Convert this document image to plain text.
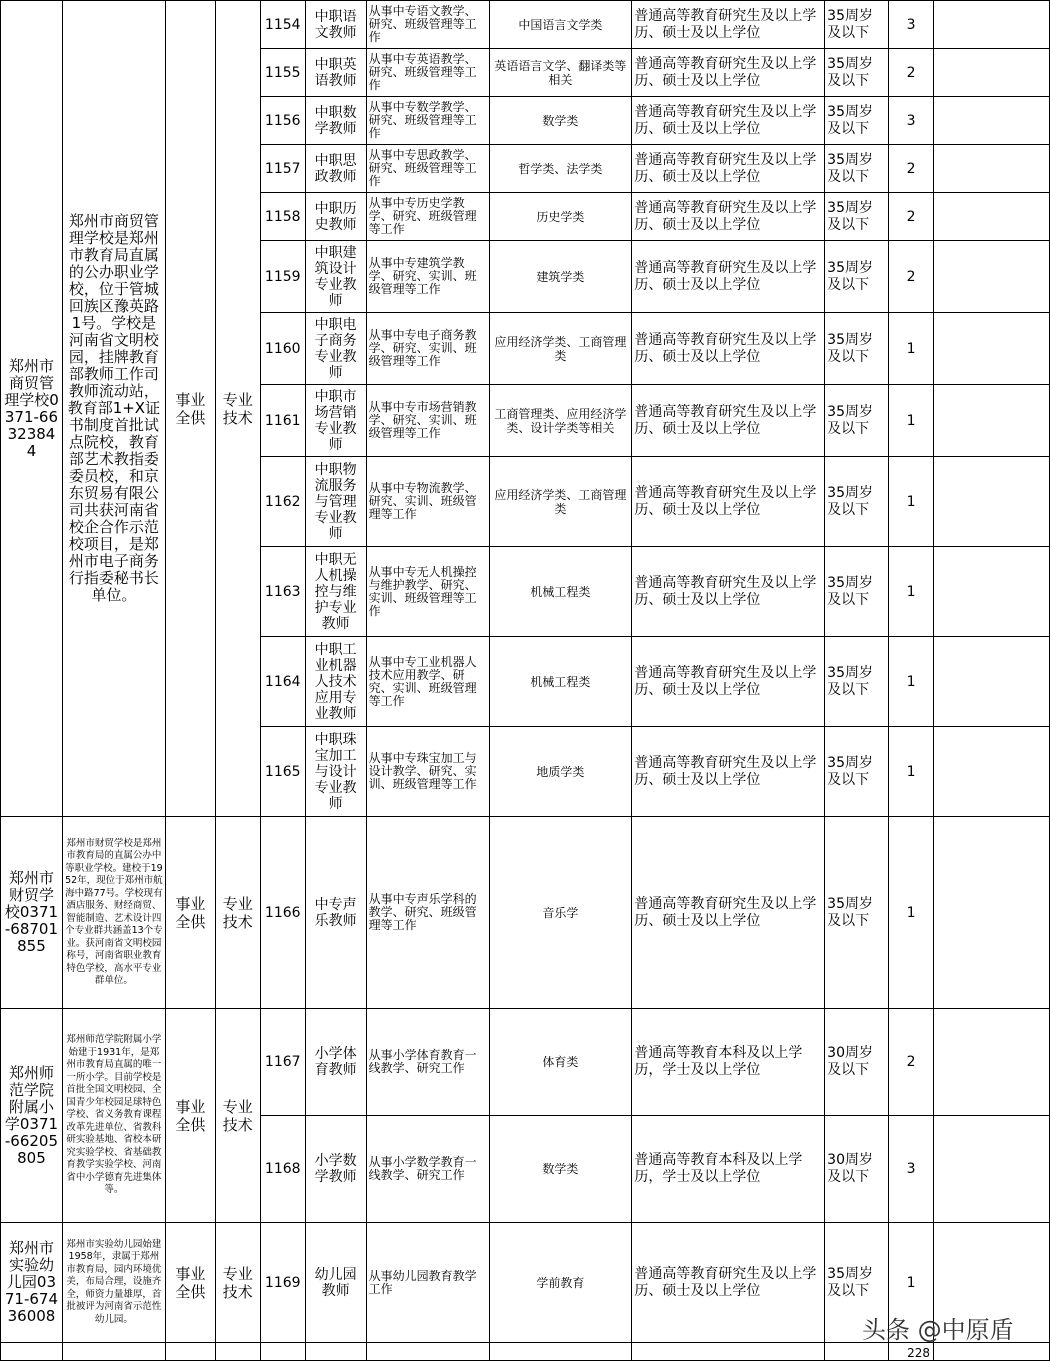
郑州市商贸管理学校0371-66323844	郑州市商贸管理学校是郑州市教育局直属的公办职业学校，位于管城回族区豫英路1号。学校是河南省文明校园，挂牌教育部教师工作司教师流动站，教育部1+X证书制度首批试点院校，教育部艺术教指委委员校，和京东贸易有限公司共获河南省校企合作示范校项目，是郑州市电子商务行指委秘书长单位。	事业全供	专业技术	1154	中职语文教师	从事中专语文教学、研究、班级管理等工作	中国语言文学类	普通高等教育研究生及以上学历、硕士及以上学位	35周岁及以下	3	
				1155	中职英语教师	从事中专英语教学、研究、班级管理等工作	英语语言文学、翻译类等相关	普通高等教育研究生及以上学历、硕士及以上学位	35周岁及以下	2	
				1156	中职数学教师	从事中专数学教学、研究、班级管理等工作	数学类	普通高等教育研究生及以上学历、硕士及以上学位	35周岁及以下	3	
				1157	中职思政教师	从事中专思政教学、研究、班级管理等工作	哲学类、法学类	普通高等教育研究生及以上学历、硕士及以上学位	35周岁及以下	2	
				1158	中职历史教师	从事中专历史学教学、研究、班级管理等工作	历史学类	普通高等教育研究生及以上学历、硕士及以上学位	35周岁及以下	2	
				1159	中职建筑设计专业教师	从事中专建筑学教学、研究、实训、班级管理等工作	建筑学类	普通高等教育研究生及以上学历、硕士及以上学位	35周岁及以下	2	
				1160	中职电子商务专业教师	从事中专电子商务教学、研究、实训、班级管理等工作	应用经济学类、工商管理类	普通高等教育研究生及以上学历、硕士及以上学位	35周岁及以下	1	
				1161	中职市场营销专业教师	从事中专市场营销教学、研究、实训、班级管理等工作	工商管理类、应用经济学类、设计学类等相关	普通高等教育研究生及以上学历、硕士及以上学位	35周岁及以下	1	
				1162	中职物流服务与管理专业教师	从事中专物流教学、研究、实训、班级管理等工作	应用经济学类、工商管理类	普通高等教育研究生及以上学历、硕士及以上学位	35周岁及以下	1	
				1163	中职无人机操控与维护专业教师	从事中专无人机操控与维护教学、研究、实训、班级管理等工作	机械工程类	普通高等教育研究生及以上学历、硕士及以上学位	35周岁及以下	1	
				1164	中职工业机器人技术应用专业教师	从事中专工业机器人技术应用教学、研究、实训、班级管理等工作	机械工程类	普通高等教育研究生及以上学历、硕士及以上学位	35周岁及以下	1	
				1165	中职珠宝加工与设计专业教师	从事中专珠宝加工与设计教学、研究、实训、班级管理等工作	地质学类	普通高等教育研究生及以上学历、硕士及以上学位	35周岁及以下	1	
郑州市财贸学校0371-68701855	郑州市财贸学校是郑州市教育局的直属公办中等职业学校。建校于1952年，现位于郑州市航海中路77号。学校现有酒店服务、财经商贸、智能制造、艺术设计四个专业群共涵盖13个专业。获河南省文明校园称号，河南省职业教育特色学校，高水平专业群单位。	事业全供	专业技术	1166	中专声乐教师	从事中专声乐学科的教学、研究、班级管理等工作	音乐学	普通高等教育研究生及以上学历、硕士及以上学位	35周岁及以下	1	
郑州师范学院附属小学0371-66205805	郑州师范学院附属小学始建于1931年，是郑州市教育局直属的唯一一所小学。目前学校是首批全国文明校园、全国青少年校园足球特色学校、省义务教育课程改革先进单位、省教科研实验基地、省校本研究实验学校、省基础教育教学实验学校、河南省中小学德育先进集体等。	事业全供	专业技术	1167	小学体育教师	从事小学体育教育一线教学、研究工作	体育类	普通高等教育本科及以上学历，学士及以上学位	30周岁及以下	2	
				1168	小学数学教师	从事小学数学教育一线教学、研究工作	数学类	普通高等教育本科及以上学历，学士及以上学位	30周岁及以下	3	
郑州市实验幼儿园0371-67436008	郑州市实验幼儿园始建1958年，隶属于郑州市教育局，园内环境优美，布局合理，设施齐全，师资力量雄厚，首批被评为河南省示范性幼儿园。	事业全供	专业技术	1169	幼儿园教师	从事幼儿园教育教学工作	学前教育	普通高等教育研究生及以上学历、硕士及以上学位	35周岁及以下	1	
										228	
头条 @中原盾
